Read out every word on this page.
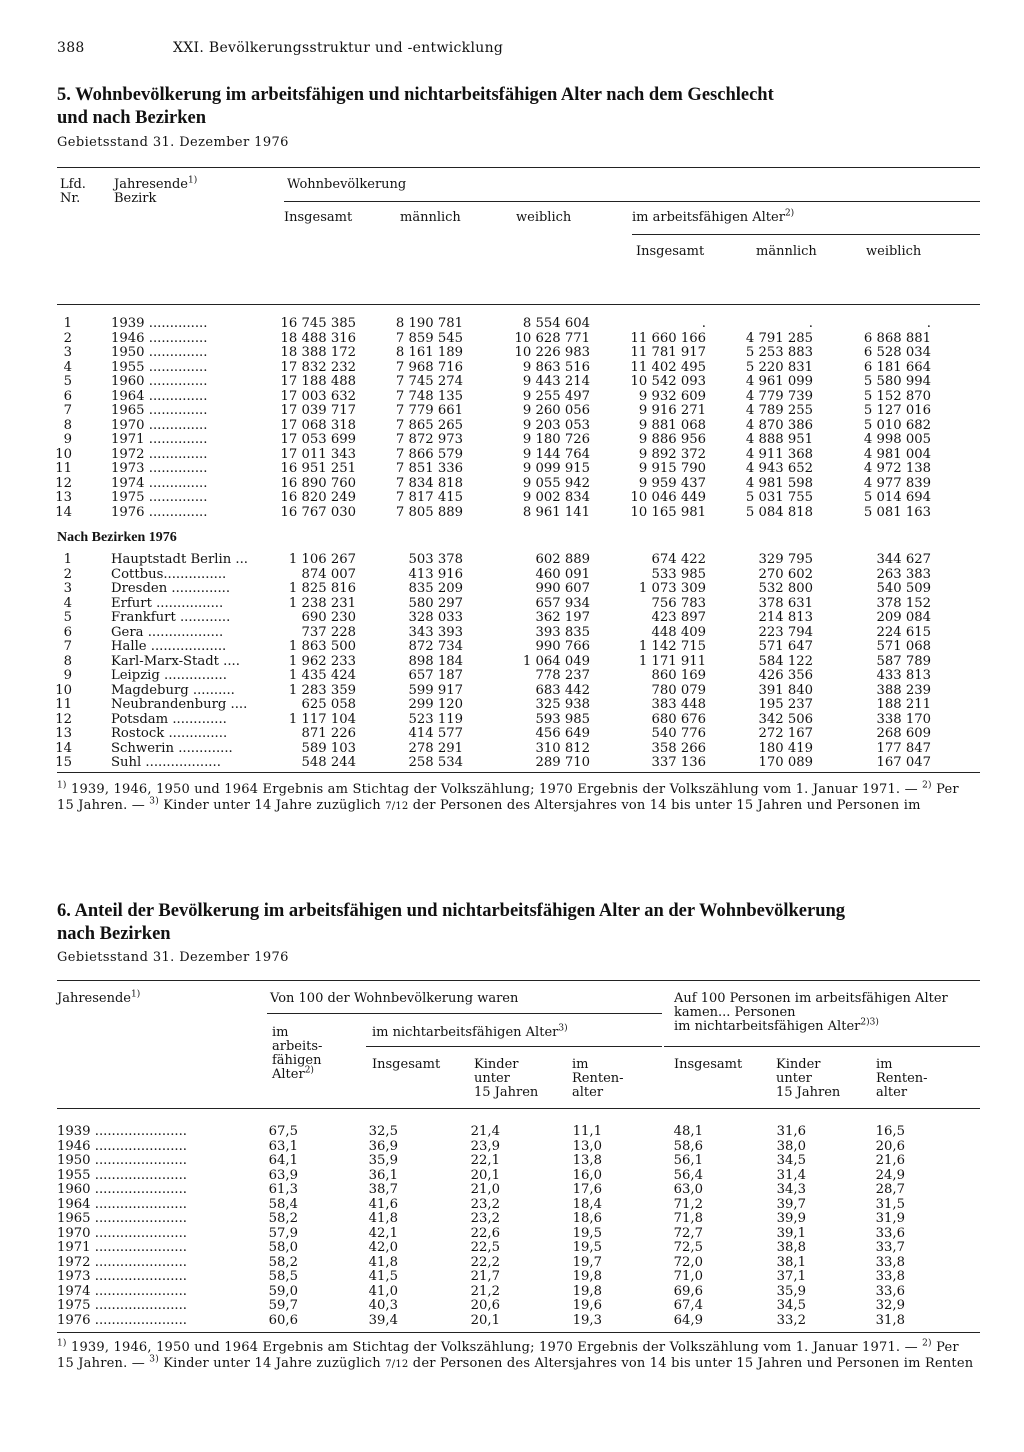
388	XXI. Bevölkerungsstruktur und -entwicklung
5. Wohnbevölkerung im arbeitsfähigen und nichtarbeitsfähigen Alter nach dem Geschlecht
und nach Bezirken
Gebietsstand 31. Dezember 1976
Lfd.
Nr.
Jahresende$^{1)}$
Bezirk
Wohnbevölkerung
Insgesamt	männlich	weiblich	im arbeitsfähigen Alter$^{2)}$
Insgesamt	männlich	weiblich
1	1939 ..............	16 745 385	8 190 781	8 554 604	.	.	.
2	1946 ..............	18 488 316	7 859 545	10 628 771	11 660 166	4 791 285	6 868 881
3	1950 ..............	18 388 172	8 161 189	10 226 983	11 781 917	5 253 883	6 528 034
4	1955 ..............	17 832 232	7 968 716	9 863 516	11 402 495	5 220 831	6 181 664
5	1960 ..............	17 188 488	7 745 274	9 443 214	10 542 093	4 961 099	5 580 994
6	1964 ..............	17 003 632	7 748 135	9 255 497	9 932 609	4 779 739	5 152 870
7	1965 ..............	17 039 717	7 779 661	9 260 056	9 916 271	4 789 255	5 127 016
8	1970 ..............	17 068 318	7 865 265	9 203 053	9 881 068	4 870 386	5 010 682
9	1971 ..............	17 053 699	7 872 973	9 180 726	9 886 956	4 888 951	4 998 005
10	1972 ..............	17 011 343	7 866 579	9 144 764	9 892 372	4 911 368	4 981 004
11	1973 ..............	16 951 251	7 851 336	9 099 915	9 915 790	4 943 652	4 972 138
12	1974 ..............	16 890 760	7 834 818	9 055 942	9 959 437	4 981 598	4 977 839
13	1975 ..............	16 820 249	7 817 415	9 002 834	10 046 449	5 031 755	5 014 694
14	1976 ..............	16 767 030	7 805 889	8 961 141	10 165 981	5 084 818	5 081 163
Nach Bezirken 1976
1	Hauptstadt Berlin ...	1 106 267	503 378	602 889	674 422	329 795	344 627
2	Cottbus...............	874 007	413 916	460 091	533 985	270 602	263 383
3	Dresden ..............	1 825 816	835 209	990 607	1 073 309	532 800	540 509
4	Erfurt ................	1 238 231	580 297	657 934	756 783	378 631	378 152
5	Frankfurt ............	690 230	328 033	362 197	423 897	214 813	209 084
6	Gera ..................	737 228	343 393	393 835	448 409	223 794	224 615
7	Halle ..................	1 863 500	872 734	990 766	1 142 715	571 647	571 068
8	Karl-Marx-Stadt ....	1 962 233	898 184	1 064 049	1 171 911	584 122	587 789
9	Leipzig ...............	1 435 424	657 187	778 237	860 169	426 356	433 813
10	Magdeburg ..........	1 283 359	599 917	683 442	780 079	391 840	388 239
11	Neubrandenburg ....	625 058	299 120	325 938	383 448	195 237	188 211
12	Potsdam .............	1 117 104	523 119	593 985	680 676	342 506	338 170
13	Rostock ..............	871 226	414 577	456 649	540 776	272 167	268 609
14	Schwerin .............	589 103	278 291	310 812	358 266	180 419	177 847
15	Suhl ..................	548 244	258 534	289 710	337 136	170 089	167 047
$^{1)}$ 1939, 1946, 1950 und 1964 Ergebnis am Stichtag der Volkszählung; 1970 Ergebnis der Volkszählung vom 1. Januar 1971. — $^{2)}$ Per
15 Jahren. — $^{3)}$ Kinder unter 14 Jahre zuzüglich 7/12 der Personen des Altersjahres von 14 bis unter 15 Jahren und Personen im
6. Anteil der Bevölkerung im arbeitsfähigen und nichtarbeitsfähigen Alter an der Wohnbevölkerung
nach Bezirken
Gebietsstand 31. Dezember 1976
Jahresende$^{1)}$	Von 100 der Wohnbevölkerung waren	Auf 100 Personen im arbeitsfähigen Alter
kamen... Personen
im nichtarbeitsfähigen Alter$^{2)3)}$
im
arbeits-
fähigen
Alter$^{2)}$
im nichtarbeitsfähigen Alter$^{3)}$
Insgesamt	Kinder
unter
15 Jahren
im
Renten-
alter
Insgesamt	Kinder
unter
15 Jahren
im
Renten-
alter
1939 ......................	67,5	32,5	21,4	11,1	48,1	31,6	16,5
1946 ......................	63,1	36,9	23,9	13,0	58,6	38,0	20,6
1950 ......................	64,1	35,9	22,1	13,8	56,1	34,5	21,6
1955 ......................	63,9	36,1	20,1	16,0	56,4	31,4	24,9
1960 ......................	61,3	38,7	21,0	17,6	63,0	34,3	28,7
1964 ......................	58,4	41,6	23,2	18,4	71,2	39,7	31,5
1965 ......................	58,2	41,8	23,2	18,6	71,8	39,9	31,9
1970 ......................	57,9	42,1	22,6	19,5	72,7	39,1	33,6
1971 ......................	58,0	42,0	22,5	19,5	72,5	38,8	33,7
1972 ......................	58,2	41,8	22,2	19,7	72,0	38,1	33,8
1973 ......................	58,5	41,5	21,7	19,8	71,0	37,1	33,8
1974 ......................	59,0	41,0	21,2	19,8	69,6	35,9	33,6
1975 ......................	59,7	40,3	20,6	19,6	67,4	34,5	32,9
1976 ......................	60,6	39,4	20,1	19,3	64,9	33,2	31,8
$^{1)}$ 1939, 1946, 1950 und 1964 Ergebnis am Stichtag der Volkszählung; 1970 Ergebnis der Volkszählung vom 1. Januar 1971. — $^{2)}$ Per
15 Jahren. — $^{3)}$ Kinder unter 14 Jahre zuzüglich 7/12 der Personen des Altersjahres von 14 bis unter 15 Jahren und Personen im Renten
